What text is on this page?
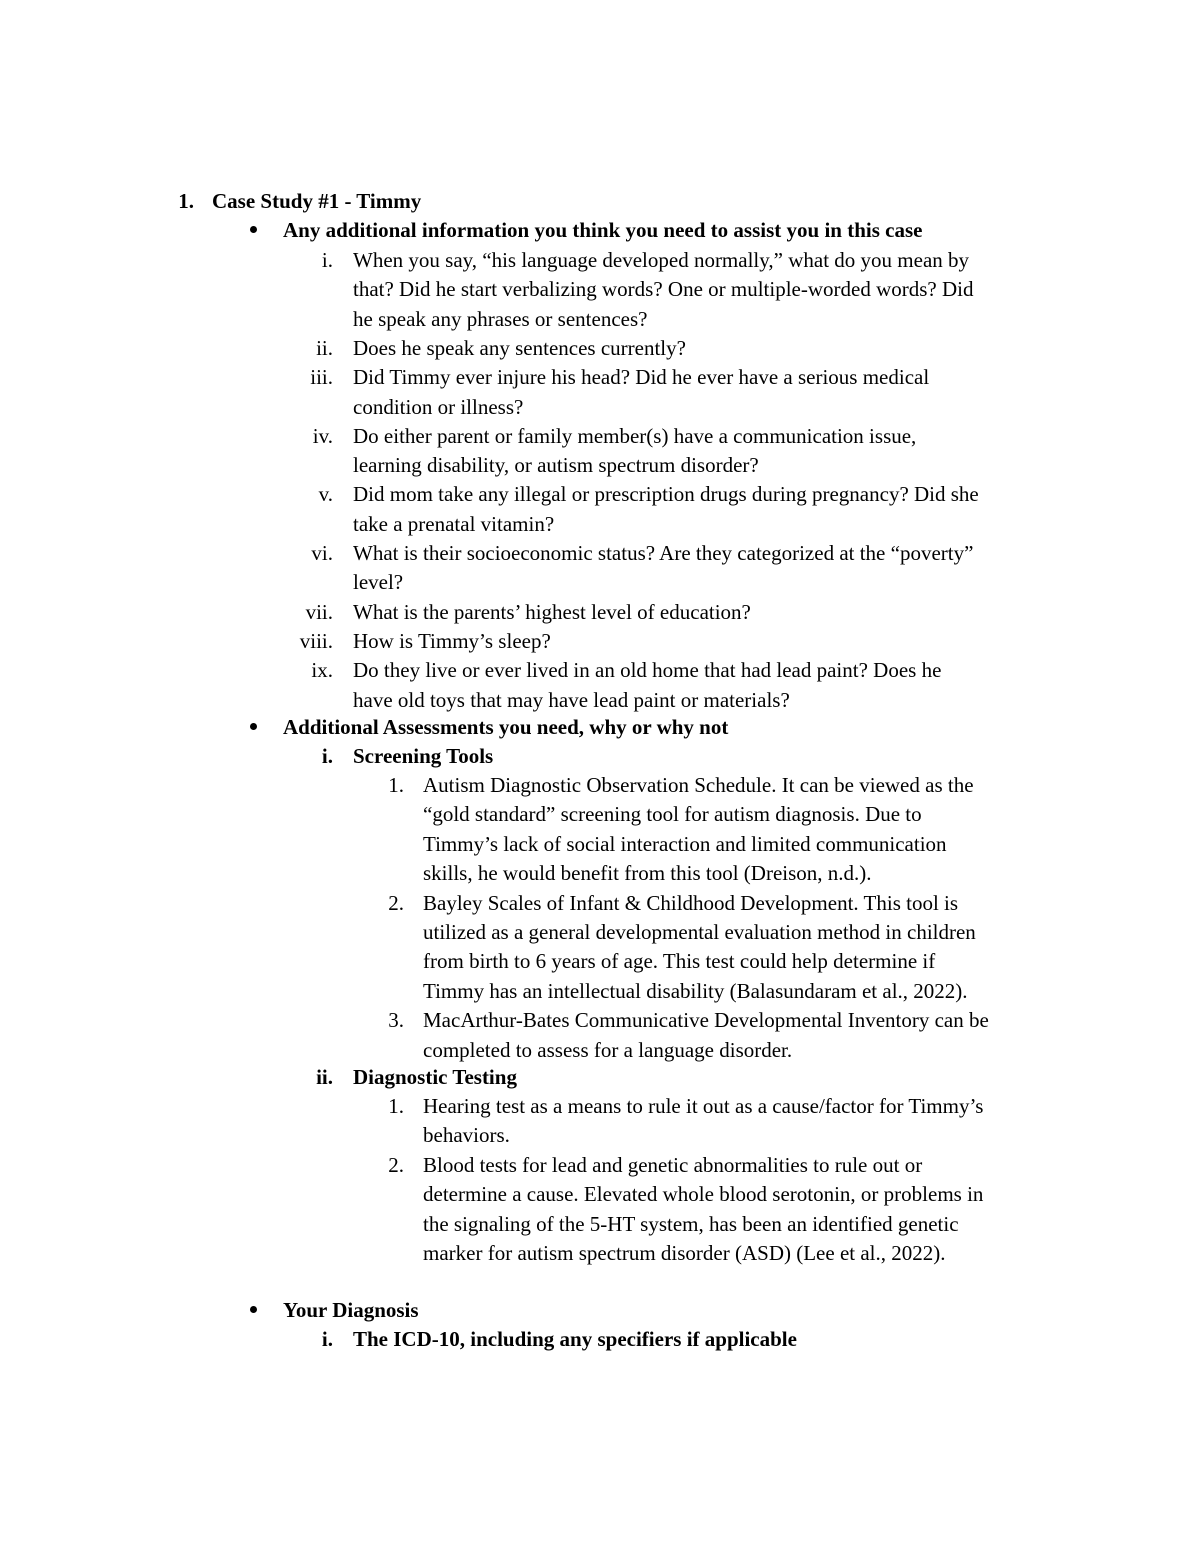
1. Case Study #1 - Timmy
Any additional information you think you need to assist you in this case
i. When you say, “his language developed normally,” what do you mean by
that? Did he start verbalizing words? One or multiple-worded words? Did
he speak any phrases or sentences?
ii. Does he speak any sentences currently?
iii. Did Timmy ever injure his head? Did he ever have a serious medical
condition or illness?
iv. Do either parent or family member(s) have a communication issue,
learning disability, or autism spectrum disorder?
v. Did mom take any illegal or prescription drugs during pregnancy? Did she
take a prenatal vitamin?
vi. What is their socioeconomic status? Are they categorized at the “poverty”
level?
vii. What is the parents’ highest level of education?
viii. How is Timmy’s sleep?
ix. Do they live or ever lived in an old home that had lead paint? Does he
have old toys that may have lead paint or materials?
Additional Assessments you need, why or why not
i. Screening Tools
1. Autism Diagnostic Observation Schedule. It can be viewed as the
“gold standard” screening tool for autism diagnosis. Due to
Timmy’s lack of social interaction and limited communication
skills, he would benefit from this tool (Dreison, n.d.).
2. Bayley Scales of Infant & Childhood Development. This tool is
utilized as a general developmental evaluation method in children
from birth to 6 years of age. This test could help determine if
Timmy has an intellectual disability (Balasundaram et al., 2022).
3. MacArthur-Bates Communicative Developmental Inventory can be
completed to assess for a language disorder.
ii. Diagnostic Testing
1. Hearing test as a means to rule it out as a cause/factor for Timmy’s
behaviors.
2. Blood tests for lead and genetic abnormalities to rule out or
determine a cause. Elevated whole blood serotonin, or problems in
the signaling of the 5-HT system, has been an identified genetic
marker for autism spectrum disorder (ASD) (Lee et al., 2022).
Your Diagnosis
i. The ICD-10, including any specifiers if applicable
